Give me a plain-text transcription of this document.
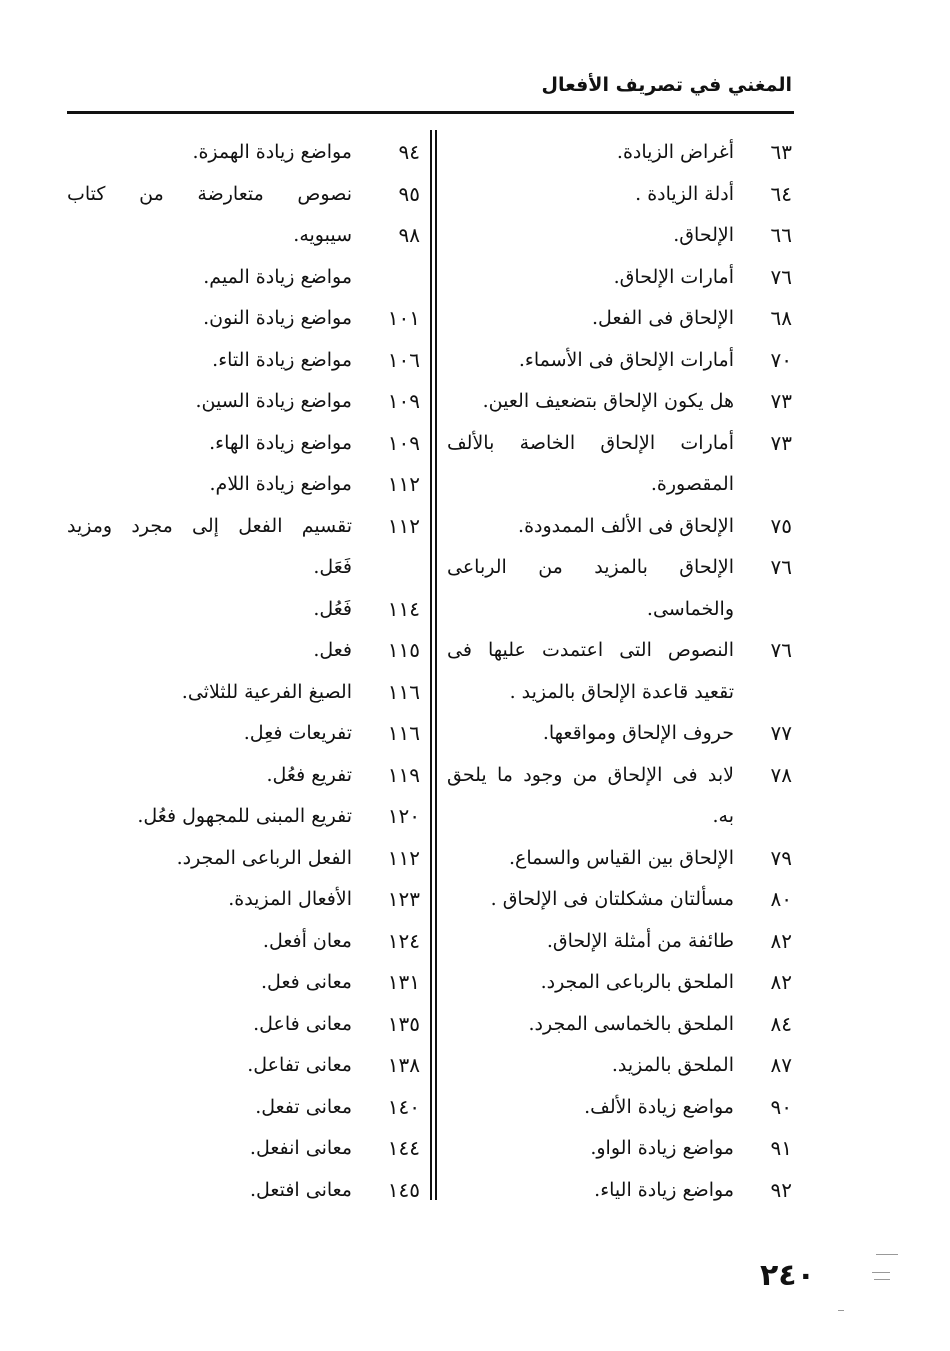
المغني في تصريف الأفعال
٦٣
أغراض الزيادة.
٦٤
أدلة الزيادة .
٦٦
الإلحاق.
٧٦
أمارات الإلحاق.
٦٨
الإلحاق فى الفعل.
٧٠
أمارات الإلحاق فى الأسماء.
٧٣
هل يكون الإلحاق بتضعيف العين.
٧٣
أمارات الإلحاق الخاصة بالألف
المقصورة.
٧٥
الإلحاق فى الألف الممدودة.
٧٦
الإلحاق بالمزيد من الرباعى
والخماسى.
٧٦
النصوص التى اعتمدت عليها فى
تقعيد قاعدة الإلحاق بالمزيد .
٧٧
حروف الإلحاق ومواقعها.
٧٨
لابد فى الإلحاق من وجود ما يلحق
به.
٧٩
الإلحاق بين القياس والسماع.
٨٠
مسألتان مشكلتان فى الإلحاق .
٨٢
طائفة من أمثلة الإلحاق.
٨٢
الملحق بالرباعى المجرد.
٨٤
الملحق بالخماسى المجرد.
٨٧
الملحق بالمزيد.
٩٠
مواضع زيادة الألف.
٩١
مواضع زيادة الواو.
٩٢
مواضع زيادة الياء.
٩٤
مواضع زيادة الهمزة.
٩٥
نصوص متعارضة من كتاب
٩٨
سيبويه.
مواضع زيادة الميم.
١٠١
مواضع زيادة النون.
١٠٦
مواضع زيادة التاء.
١٠٩
مواضع زيادة السين.
١٠٩
مواضع زيادة الهاء.
١١٢
مواضع زيادة اللام.
١١٢
تقسيم الفعل إلى مجرد ومزيد
فَعَل.
١١٤
فَعُل.
١١٥
فعل.
١١٦
الصيغ الفرعية للثلاثى.
١١٦
تفريعات فعِل.
١١٩
تفريع فعُل.
١٢٠
تفريع المبنى للمجهول فعُل.
١١٢
الفعل الرباعى المجرد.
١٢٣
الأفعال المزيدة.
١٢٤
معان أفعل.
١٣١
معانى فعل.
١٣٥
معانى فاعل.
١٣٨
معانى تفاعل.
١٤٠
معانى تفعل.
١٤٤
معانى انفعل.
١٤٥
معانى افتعل.
٢٤٠
